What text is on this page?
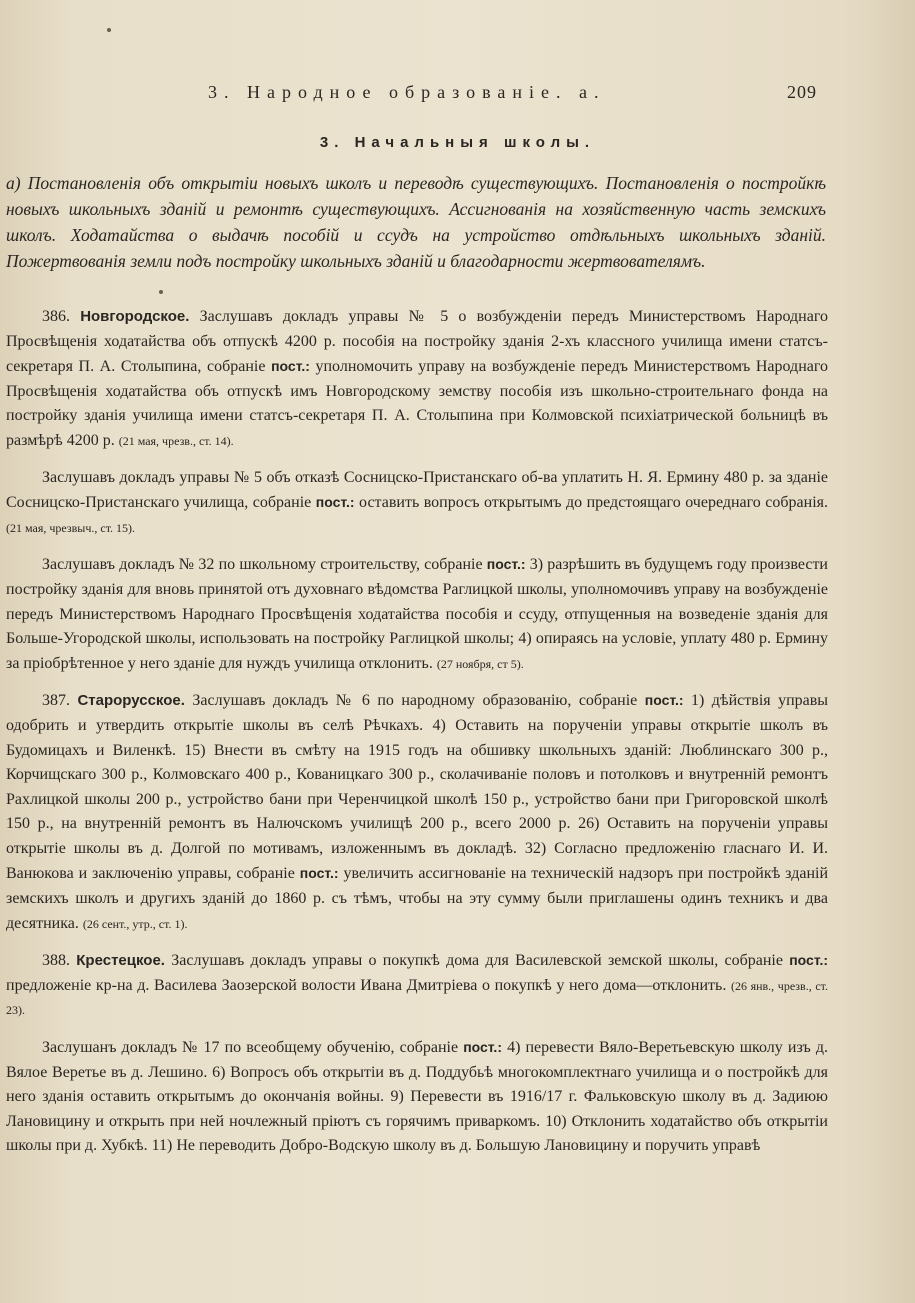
3. Народное образованіе. а.	209
3. Начальныя школы.
а) Постановленія объ открытіи новыхъ школъ и переводѣ существующихъ. Постановленія о постройкѣ новыхъ школьныхъ зданій и ремонтѣ существующихъ. Ассигнованія на хозяйственную часть земскихъ школъ. Ходатайства о выдачѣ пособій и ссудъ на устройство отдѣльныхъ школьныхъ зданій. Пожертвованія земли подъ постройку школьныхъ зданій и благодарности жертвователямъ.

386. Новгородское. Заслушавъ докладъ управы № 5 о возбужденіи передъ Министерствомъ Народнаго Просвѣщенія ходатайства объ отпускѣ 4200 р. пособія на постройку зданія 2-хъ классного училища имени статсъ-секретаря П. А. Столыпина, собраніе пост.: уполномочить управу на возбужденіе передъ Министерствомъ Народнаго Просвѣщенія ходатайства объ отпускѣ имъ Новгородскому земству пособія изъ школьно-строительнаго фонда на постройку зданія училища имени статсъ-секретаря П. А. Столыпина при Колмовской психіатрической больницѣ въ размѣрѣ 4200 р. (21 мая, чрезв., ст. 14).

Заслушавъ докладъ управы № 5 объ отказѣ Сосницско-Пристанскаго об-ва уплатить Н. Я. Ермину 480 р. за зданіе Сосницско-Пристанскаго училища, собраніе пост.: оставить вопросъ открытымъ до предстоящаго очереднаго собранія. (21 мая, чрезвыч., ст. 15).

Заслушавъ докладъ № 32 по школьному строительству, собраніе пост.: 3) разрѣшить въ будущемъ году произвести постройку зданія для вновь принятой отъ духовнаго вѣдомства Раглицкой школы, уполномочивъ управу на возбужденіе передъ Министерствомъ Народнаго Просвѣщенія ходатайства пособія и ссуду, отпущенныя на возведеніе зданія для Больше-Угородской школы, использовать на постройку Раглицкой школы; 4) опираясь на условіе, уплату 480 р. Ермину за пріобрѣтенное у него зданіе для нуждъ училища отклонить. (27 ноября, ст 5).

387. Старорусское. Заслушавъ докладъ № 6 по народному образованію, собраніе пост.: 1) дѣйствія управы одобрить и утвердить открытіе школы въ селѣ Рѣчкахъ. 4) Оставить на порученіи управы открытіе школъ въ Будомицахъ и Виленкѣ. 15) Внести въ смѣту на 1915 годъ на обшивку школьныхъ зданій: Люблинскаго 300 р., Корчищскаго 300 р., Колмовскаго 400 р., Кованицкаго 300 р., сколачиваніе половъ и потолковъ и внутренній ремонтъ Рахлицкой школы 200 р., устройство бани при Черенчицкой школѣ 150 р., устройство бани при Григоровской школѣ 150 р., на внутренній ремонтъ въ Налючскомъ училищѣ 200 р., всего 2000 р. 26) Оставить на порученіи управы открытіе школы въ д. Долгой по мотивамъ, изложеннымъ въ докладѣ. 32) Согласно предложенію гласнаго И. И. Ванюкова и заключенію управы, собраніе пост.: увеличить ассигнованіе на техническій надзоръ при постройкѣ зданій земскихъ школъ и другихъ зданій до 1860 р. съ тѣмъ, чтобы на эту сумму были приглашены одинъ техникъ и два десятника. (26 сент., утр., ст. 1).

388. Крестецкое. Заслушавъ докладъ управы о покупкѣ дома для Василевской земской школы, собраніе пост.: предложеніе кр-на д. Василева Заозерской волости Ивана Дмитріева о покупкѣ у него дома—отклонить. (26 янв., чрезв., ст. 23).

Заслушанъ докладъ № 17 по всеобщему обученію, собраніе пост.: 4) перевести Вяло-Веретьевскую школу изъ д. Вялое Веретье въ д. Лешино. 6) Вопросъ объ открытіи въ д. Поддубьѣ многокомплектнаго училища и о постройкѣ для него зданія оставить открытымъ до окончанія войны. 9) Перевести въ 1916/17 г. Фальковскую школу въ д. Задиюю Лановицину и открыть при ней ночлежный пріютъ съ горячимъ приваркомъ. 10) Отклонить ходатайство объ открытіи школы при д. Хубкѣ. 11) Не переводить Добро-Водскую школу въ д. Большую Лановицину и поручить управѣ
